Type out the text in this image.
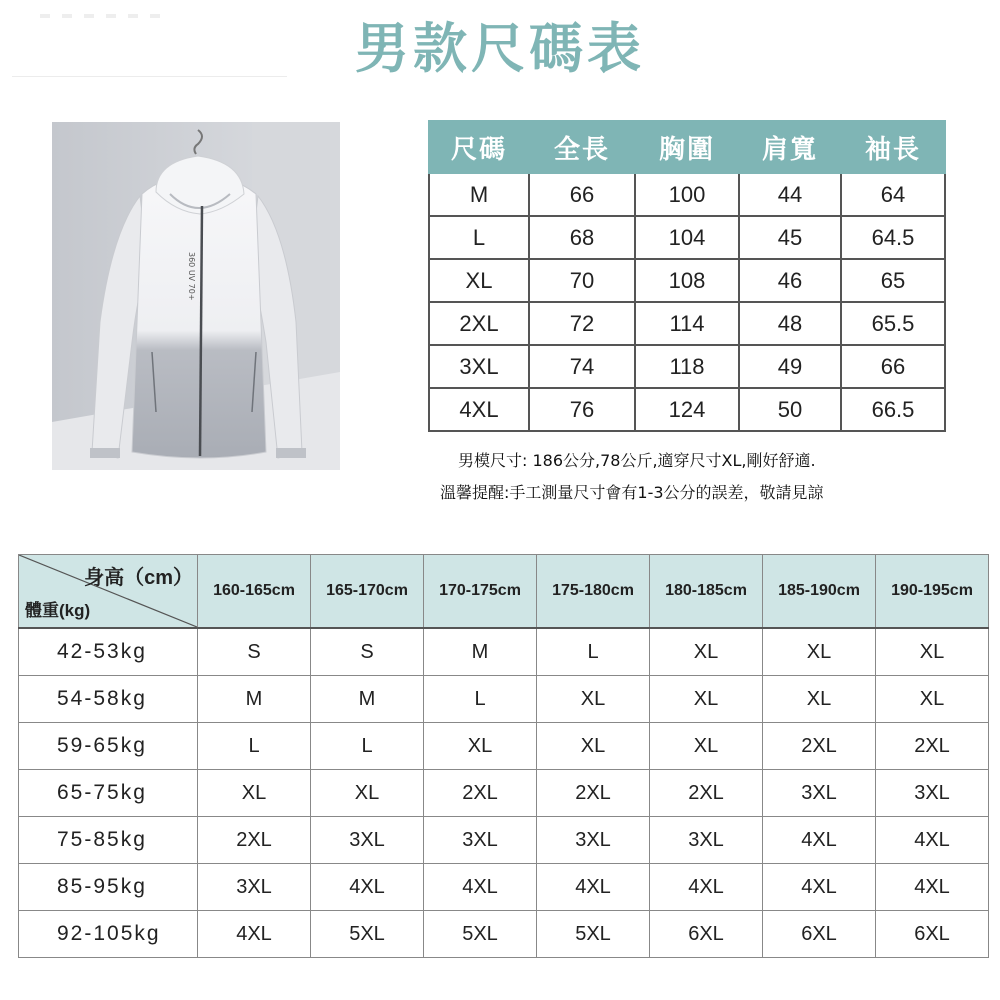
男款尺碼表
360 UV 70+
尺碼	全長	胸圍	肩寬	袖長
M	66	100	44	64
L	68	104	45	64.5
XL	70	108	46	65
2XL	72	114	48	65.5
3XL	74	118	49	66
4XL	76	124	50	66.5
男模尺寸: 186公分,78公斤,適穿尺寸XL,剛好舒適.
溫馨提醒:手工測量尺寸會有1-3公分的誤差，敬請見諒
身高（cm）
體重(kg)	160-165cm	165-170cm	170-175cm	175-180cm	180-185cm	185-190cm	190-195cm
42-53kg	S	S	M	L	XL	XL	XL
54-58kg	M	M	L	XL	XL	XL	XL
59-65kg	L	L	XL	XL	XL	2XL	2XL
65-75kg	XL	XL	2XL	2XL	2XL	3XL	3XL
75-85kg	2XL	3XL	3XL	3XL	3XL	4XL	4XL
85-95kg	3XL	4XL	4XL	4XL	4XL	4XL	4XL
92-105kg	4XL	5XL	5XL	5XL	6XL	6XL	6XL
